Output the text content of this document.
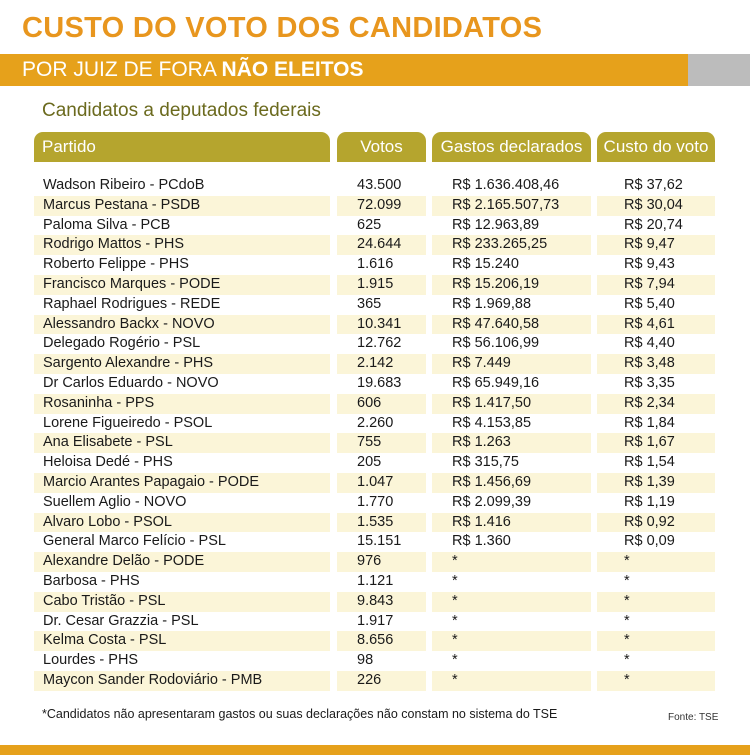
CUSTO DO VOTO DOS CANDIDATOS
POR JUIZ DE FORA NÃO ELEITOS
Candidatos a deputados federais
Partido	Votos	Gastos declarados	Custo do voto
Wadson Ribeiro - PCdoB	43.500	R$ 1.636.408,46	R$ 37,62
Marcus Pestana - PSDB	72.099	R$ 2.165.507,73	R$ 30,04
Paloma Silva - PCB	625	R$ 12.963,89	R$ 20,74
Rodrigo Mattos - PHS	24.644	R$ 233.265,25	R$ 9,47
Roberto Felippe - PHS	1.616	R$ 15.240	R$ 9,43
Francisco Marques - PODE	1.915	R$ 15.206,19	R$ 7,94
Raphael Rodrigues - REDE	365	R$ 1.969,88	R$ 5,40
Alessandro Backx - NOVO	10.341	R$ 47.640,58	R$ 4,61
Delegado Rogério - PSL	12.762	R$ 56.106,99	R$ 4,40
Sargento Alexandre - PHS	2.142	R$ 7.449	R$ 3,48
Dr Carlos Eduardo - NOVO	19.683	R$ 65.949,16	R$ 3,35
Rosaninha - PPS	606	R$ 1.417,50	R$ 2,34
Lorene Figueiredo - PSOL	2.260	R$ 4.153,85	R$ 1,84
Ana Elisabete - PSL	755	R$ 1.263	R$ 1,67
Heloisa Dedé - PHS	205	R$ 315,75	R$ 1,54
Marcio Arantes Papagaio - PODE	1.047	R$ 1.456,69	R$ 1,39
Suellem Aglio - NOVO	1.770	R$ 2.099,39	R$ 1,19
Alvaro Lobo - PSOL	1.535	R$ 1.416	R$ 0,92
General Marco Felício - PSL	15.151	R$ 1.360	R$ 0,09
Alexandre Delão - PODE	976	*	*
Barbosa - PHS	1.121	*	*
Cabo Tristão - PSL	9.843	*	*
Dr. Cesar Grazzia - PSL	1.917	*	*
Kelma Costa - PSL	8.656	*	*
Lourdes - PHS	98	*	*
Maycon Sander Rodoviário - PMB	226	*	*
*Candidatos não apresentaram gastos ou suas declarações não constam no sistema do TSE	Fonte: TSE
